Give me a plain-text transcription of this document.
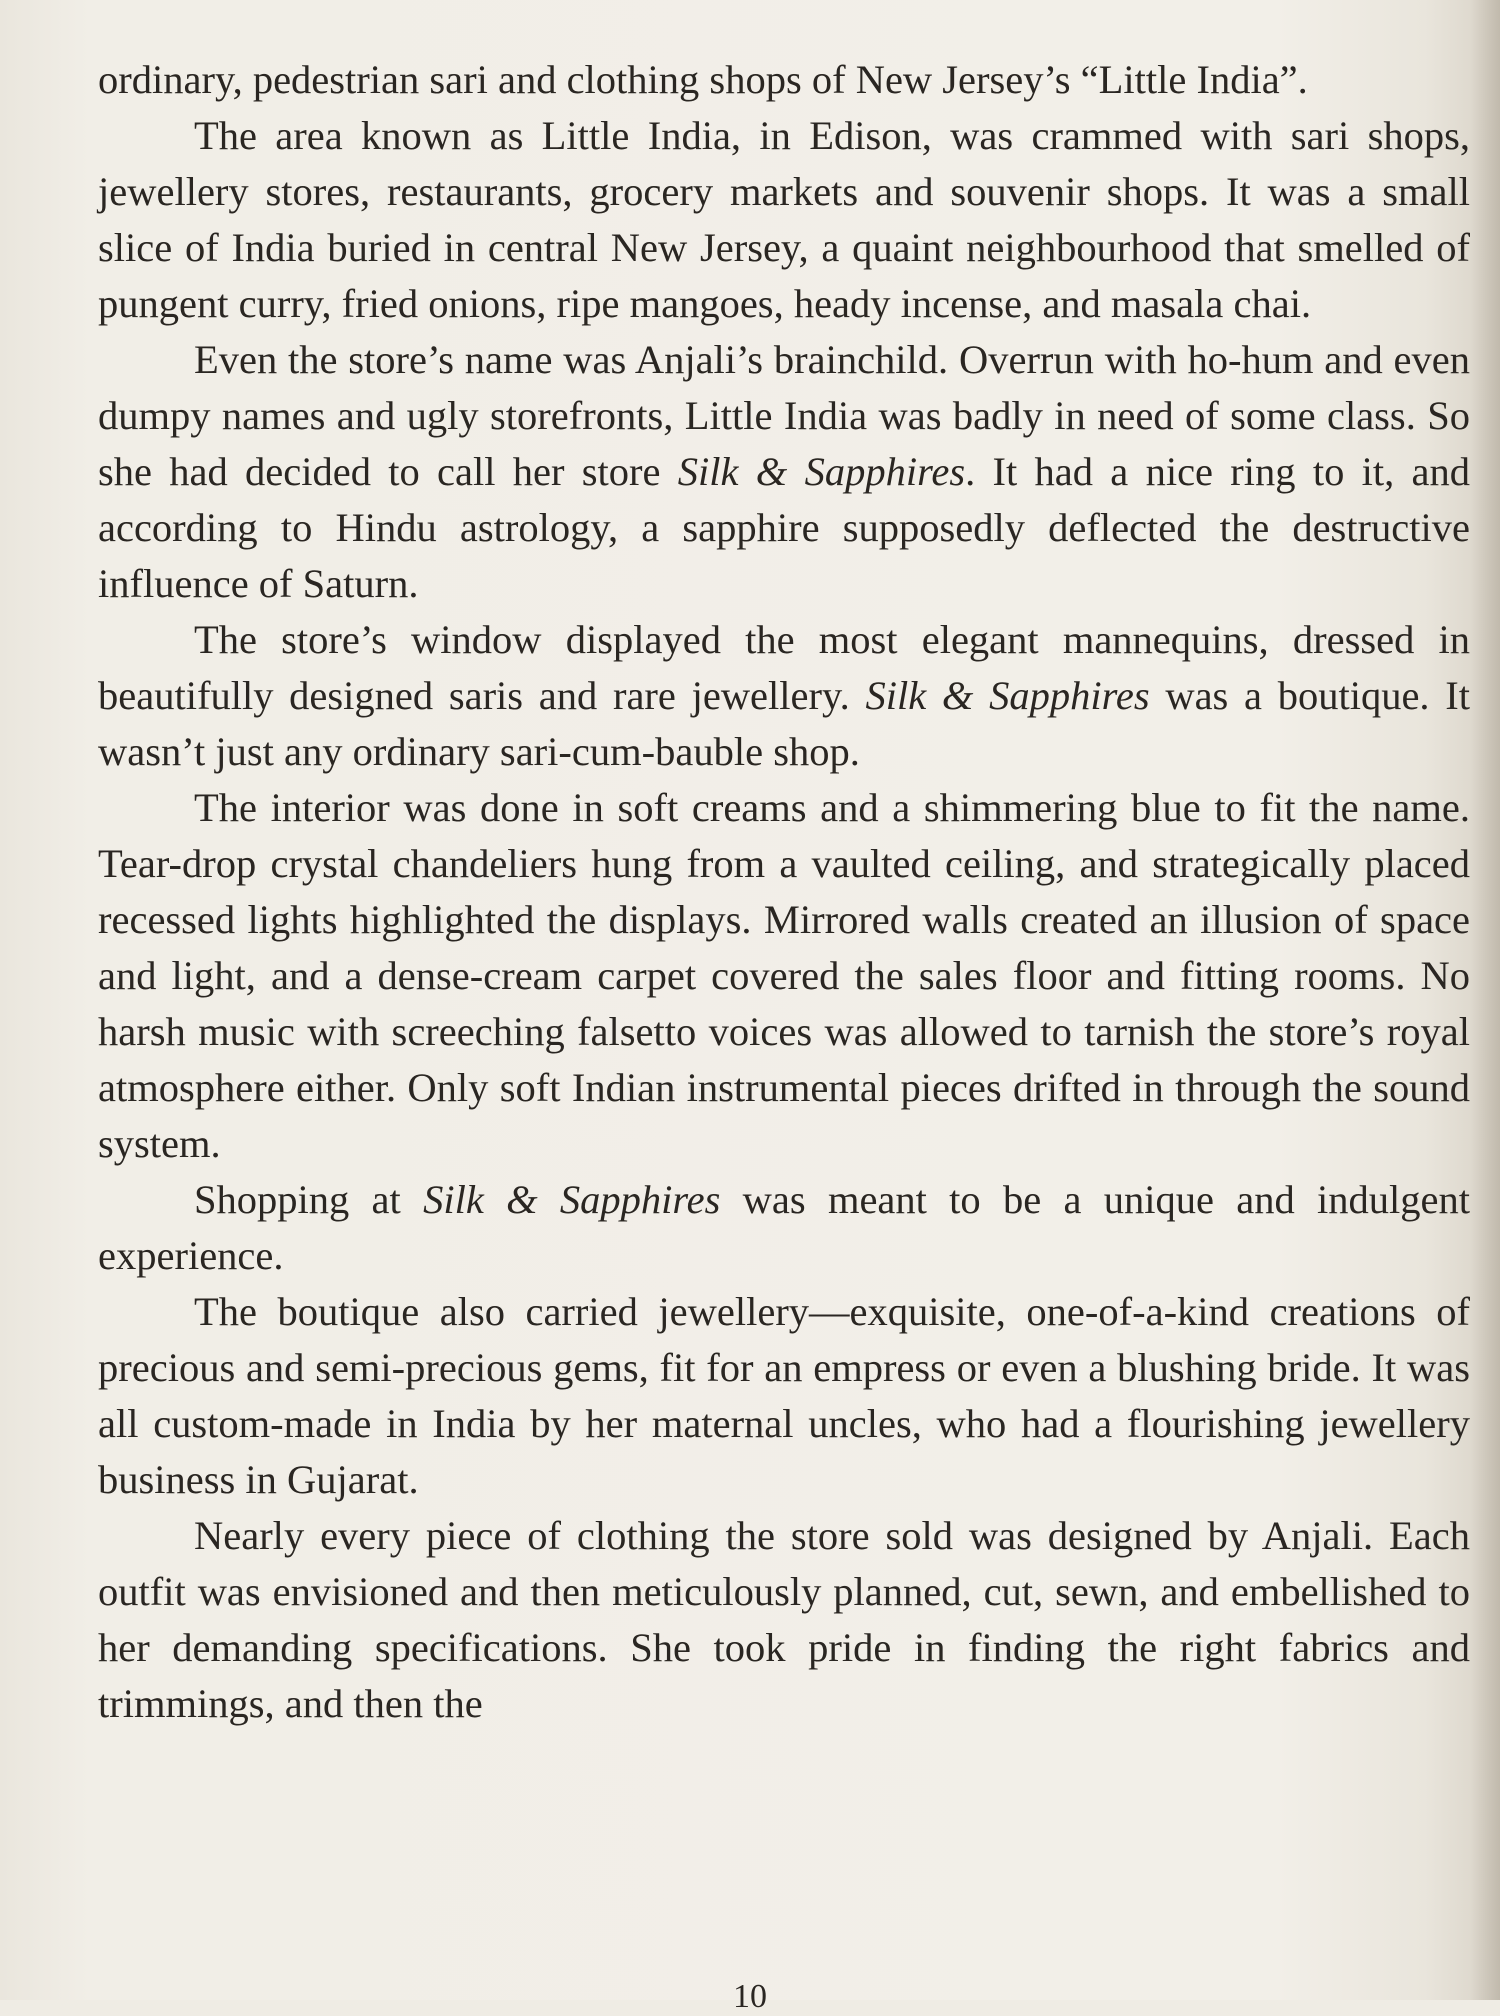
ordinary, pedestrian sari and clothing shops of New Jersey’s “Little India”.

The area known as Little India, in Edison, was crammed with sari shops, jewellery stores, restaurants, grocery markets and souvenir shops. It was a small slice of India buried in central New Jersey, a quaint neighbourhood that smelled of pungent curry, fried onions, ripe mangoes, heady incense, and masala chai.

Even the store’s name was Anjali’s brainchild. Overrun with ho-hum and even dumpy names and ugly storefronts, Little India was badly in need of some class. So she had decided to call her store Silk & Sapphires. It had a nice ring to it, and according to Hindu astrology, a sapphire supposedly deflected the destructive influence of Saturn.

The store’s window displayed the most elegant mannequins, dressed in beautifully designed saris and rare jewellery. Silk & Sapphires was a boutique. It wasn’t just any ordinary sari-cum-bauble shop.

The interior was done in soft creams and a shimmering blue to fit the name. Tear-drop crystal chandeliers hung from a vaulted ceiling, and strategically placed recessed lights highlighted the displays. Mirrored walls created an illusion of space and light, and a dense-cream carpet covered the sales floor and fitting rooms. No harsh music with screeching falsetto voices was allowed to tarnish the store’s royal atmosphere either. Only soft Indian instrumental pieces drifted in through the sound system.

Shopping at Silk & Sapphires was meant to be a unique and indulgent experience.

The boutique also carried jewellery—exquisite, one-of-a-kind creations of precious and semi-precious gems, fit for an empress or even a blushing bride. It was all custom-made in India by her maternal uncles, who had a flourishing jewellery business in Gujarat.

Nearly every piece of clothing the store sold was designed by Anjali. Each outfit was envisioned and then meticulously planned, cut, sewn, and embellished to her demanding specifications. She took pride in finding the right fabrics and trimmings, and then the

10
